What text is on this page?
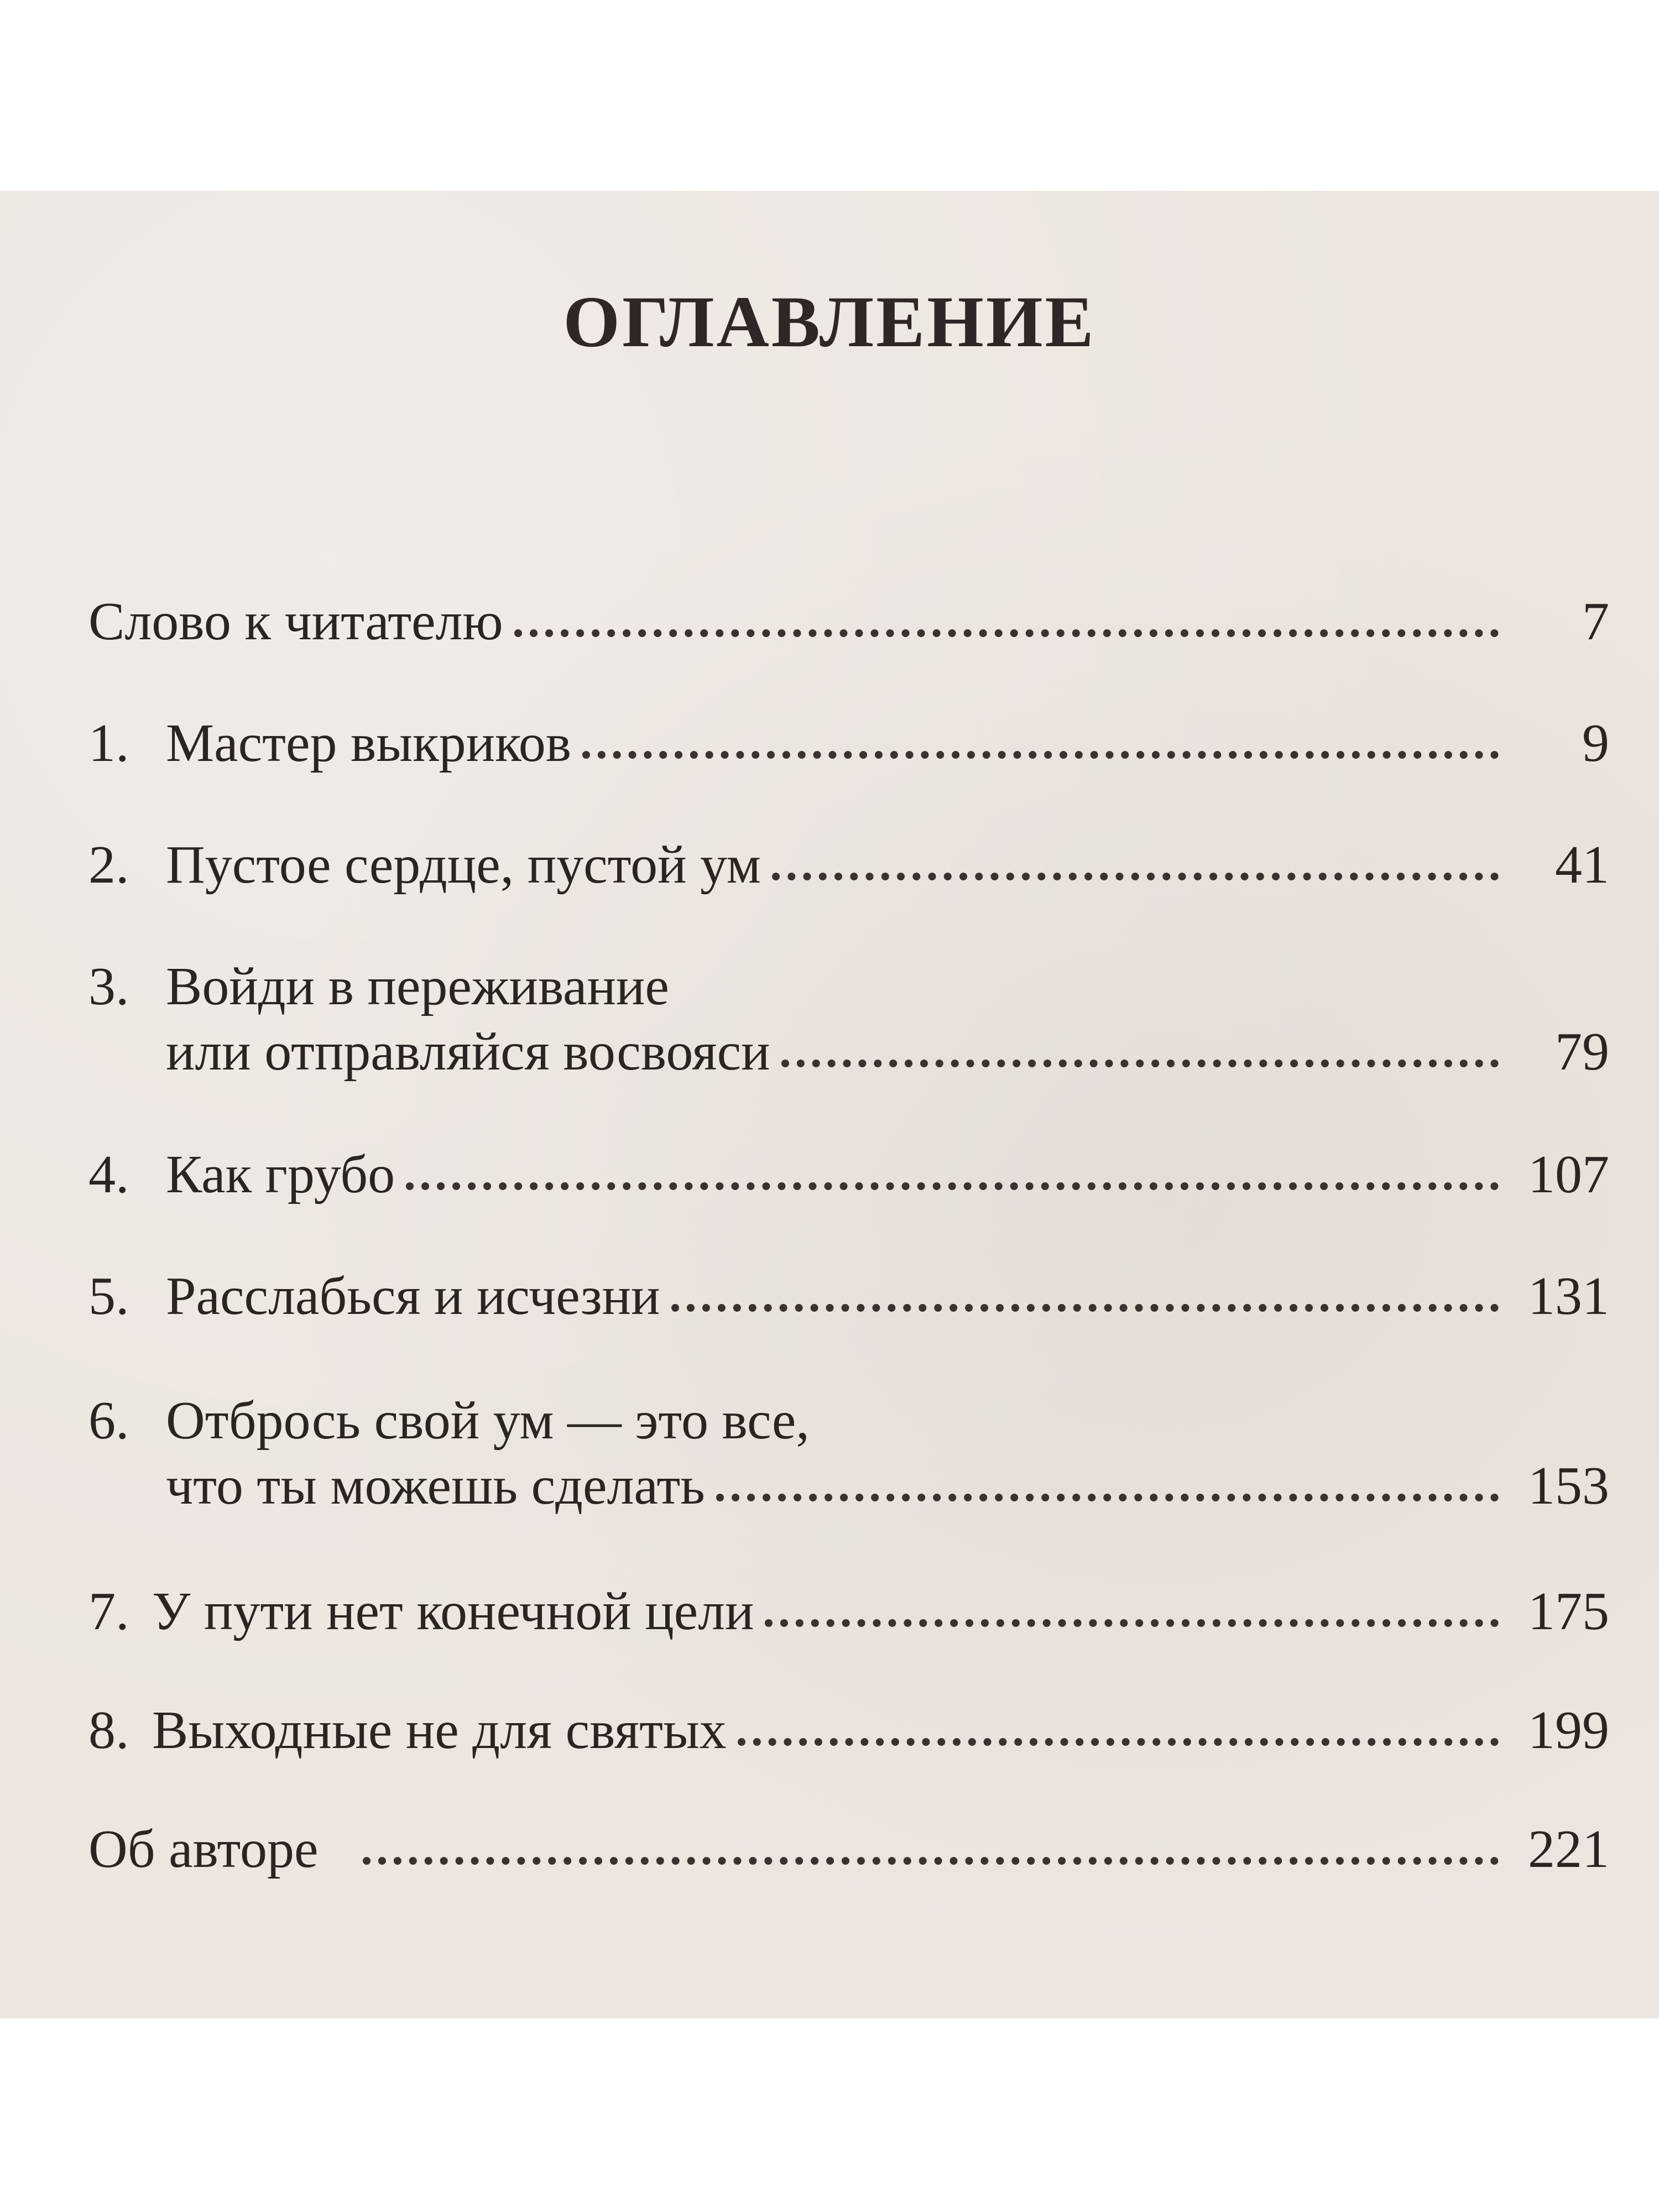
ОГЛАВЛЕНИЕ
Слово к читателю	7
1. Мастер выкриков	9
2. Пустое сердце, пустой ум	41
3. Войди в переживание
или отправляйся восвояси	79
4. Как грубо	107
5. Расслабься и исчезни	131
6. Отбрось свой ум — это все,
что ты можешь сделать	153
7. У пути нет конечной цели	175
8. Выходные не для святых	199
Об авторе	221
